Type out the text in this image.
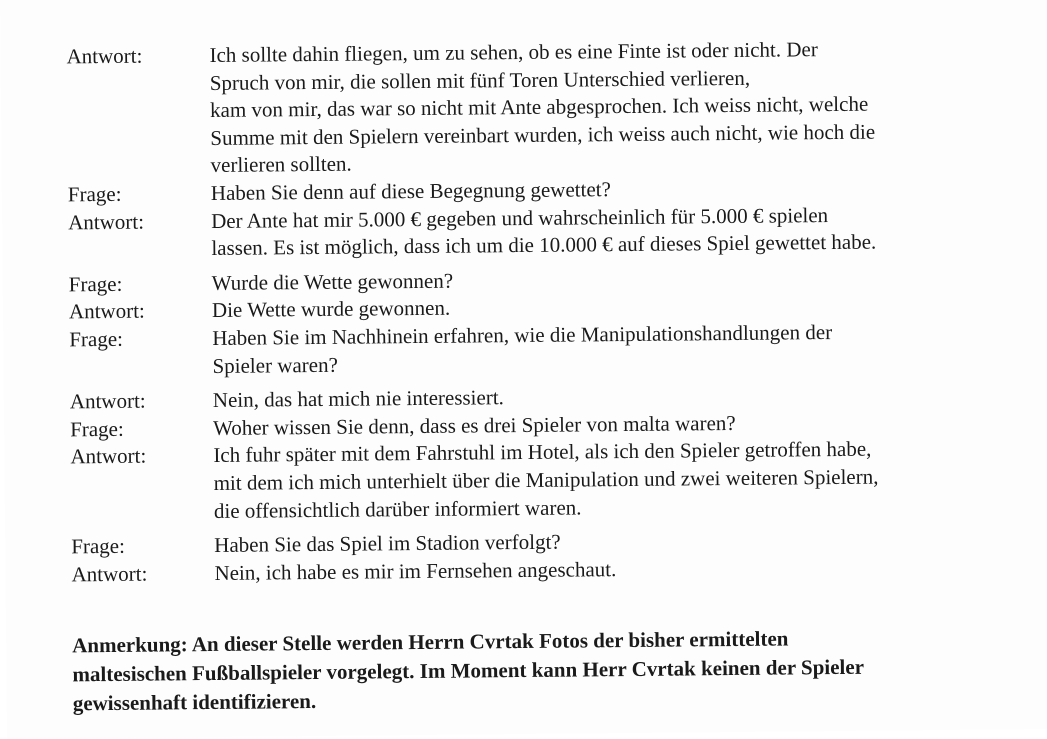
Antwort:	Ich sollte dahin fliegen, um zu sehen, ob es eine Finte ist oder nicht. Der
Spruch von mir, die sollen mit fünf Toren Unterschied verlieren,
kam von mir, das war so nicht mit Ante abgesprochen. Ich weiss nicht, welche
Summe mit den Spielern vereinbart wurden, ich weiss auch nicht, wie hoch die
verlieren sollten.
Frage:	Haben Sie denn auf diese Begegnung gewettet?
Antwort:	Der Ante hat mir 5.000 € gegeben und wahrscheinlich für 5.000 € spielen
lassen. Es ist möglich, dass ich um die 10.000 € auf dieses Spiel gewettet habe.
Frage:	Wurde die Wette gewonnen?
Antwort:	Die Wette wurde gewonnen.
Frage:	Haben Sie im Nachhinein erfahren, wie die Manipulationshandlungen der
Spieler waren?
Antwort:	Nein, das hat mich nie interessiert.
Frage:	Woher wissen Sie denn, dass es drei Spieler von malta waren?
Antwort:	Ich fuhr später mit dem Fahrstuhl im Hotel, als ich den Spieler getroffen habe,
mit dem ich mich unterhielt über die Manipulation und zwei weiteren Spielern,
die offensichtlich darüber informiert waren.
Frage:	Haben Sie das Spiel im Stadion verfolgt?
Antwort:	Nein, ich habe es mir im Fernsehen angeschaut.
Anmerkung: An dieser Stelle werden Herrn Cvrtak Fotos der bisher ermittelten
maltesischen Fußballspieler vorgelegt. Im Moment kann Herr Cvrtak keinen der Spieler
gewissenhaft identifizieren.
